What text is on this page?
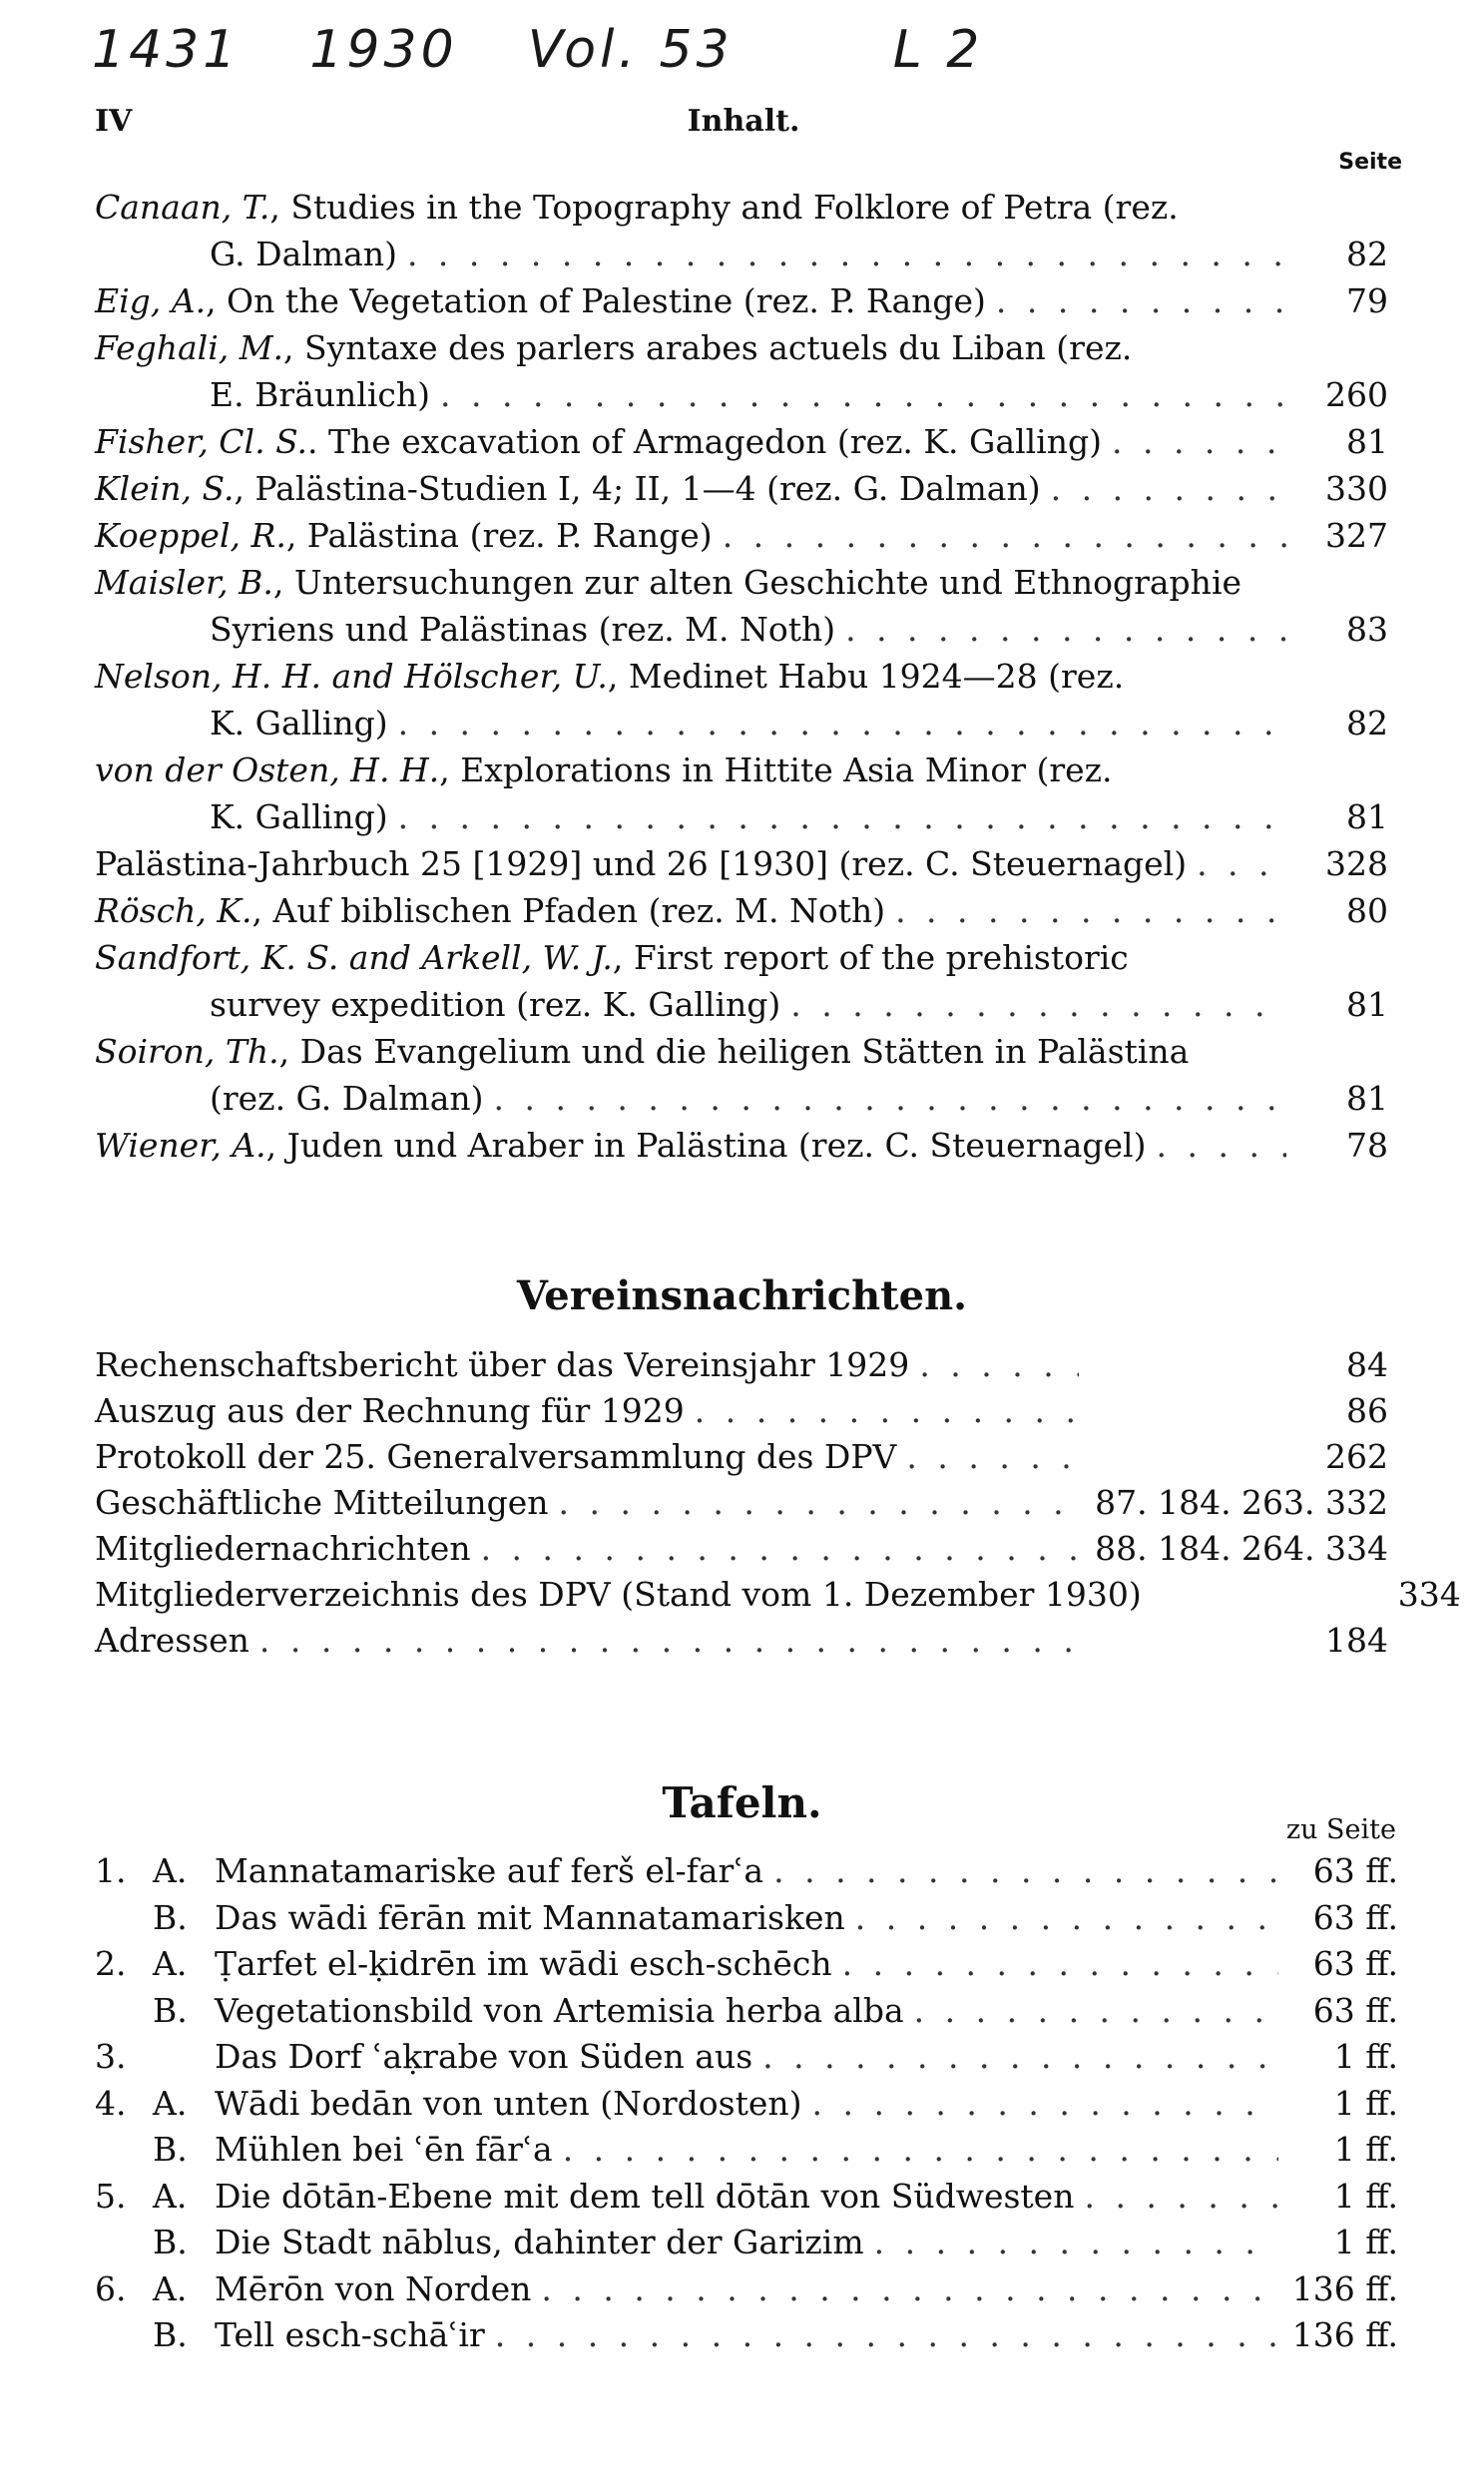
1431 1930 Vol. 53	L 2
IV	Inhalt.
Seite
Canaan, T. , Studies in the Topography and Folklore of Petra (rez.
G. Dalman) . . .	82
Eig, A. , On the Vegetation of Palestine (rez. P. Range) . . .	79
Feghali, M. , Syntaxe des parlers arabes actuels du Liban (rez.
E. Bräunlich) . . .	260
Fisher, Cl. S. . The excavation of Armagedon (rez. K. Galling) . . .	81
Klein, S. , Palästina-Studien I, 4; II, 1—4 (rez. G. Dalman) . . .	330
Koeppel, R. , Palästina (rez. P. Range) . . .	327
Maisler, B. , Untersuchungen zur alten Geschichte und Ethnographie
Syriens und Palästinas (rez. M. Noth) . . .	83
Nelson, H. H. and Hölscher, U. , Medinet Habu 1924—28 (rez.
K. Galling) . . .	82
von der Osten, H. H. , Explorations in Hittite Asia Minor (rez.
K. Galling) . . .	81
Palästina-Jahrbuch 25 [1929] und 26 [1930] (rez. C. Steuernagel) . . .	328
Rösch, K. , Auf biblischen Pfaden (rez. M. Noth) . . .	80
Sandfort, K. S. and Arkell, W. J. , First report of the prehistoric
survey expedition (rez. K. Galling) . . .	81
Soiron, Th. , Das Evangelium und die heiligen Stätten in Palästina
(rez. G. Dalman) . . .	81
Wiener, A. , Juden und Araber in Palästina (rez. C. Steuernagel) . . .	78
Vereinsnachrichten.
Rechenschaftsbericht über das Vereinsjahr 1929 . . .	84
Auszug aus der Rechnung für 1929 . . .	86
Protokoll der 25. Generalversammlung des DPV . . .	262
Geschäftliche Mitteilungen . . .	87. 184. 263. 332
Mitgliedernachrichten . . .	88. 184. 264. 334
Mitgliederverzeichnis des DPV (Stand vom 1. Dezember 1930)	334
Adressen . . .	184
Tafeln.
zu Seite
1. A. Mannatamariske auf ferš el-farʿa . . .	63 ff.
B. Das wādi fērān mit Mannatamarisken . . .	63 ff.
2. A. Ṭarfet el-ḳidrēn im wādi esch-schēch . . .	63 ff.
B. Vegetationsbild von Artemisia herba alba . . .	63 ff.
3.	Das Dorf ʿaḳrabe von Süden aus . . .	1 ff.
4. A. Wādi bedān von unten (Nordosten) . . .	1 ff.
B. Mühlen bei ʿēn fārʿa . . .	1 ff.
5. A. Die dōtān-Ebene mit dem tell dōtān von Südwesten . . .	1 ff.
B. Die Stadt nāblus, dahinter der Garizim . . .	1 ff.
6. A. Mērōn von Norden . . .	136 ff.
B. Tell esch-schāʿir . . .	136 ff.
